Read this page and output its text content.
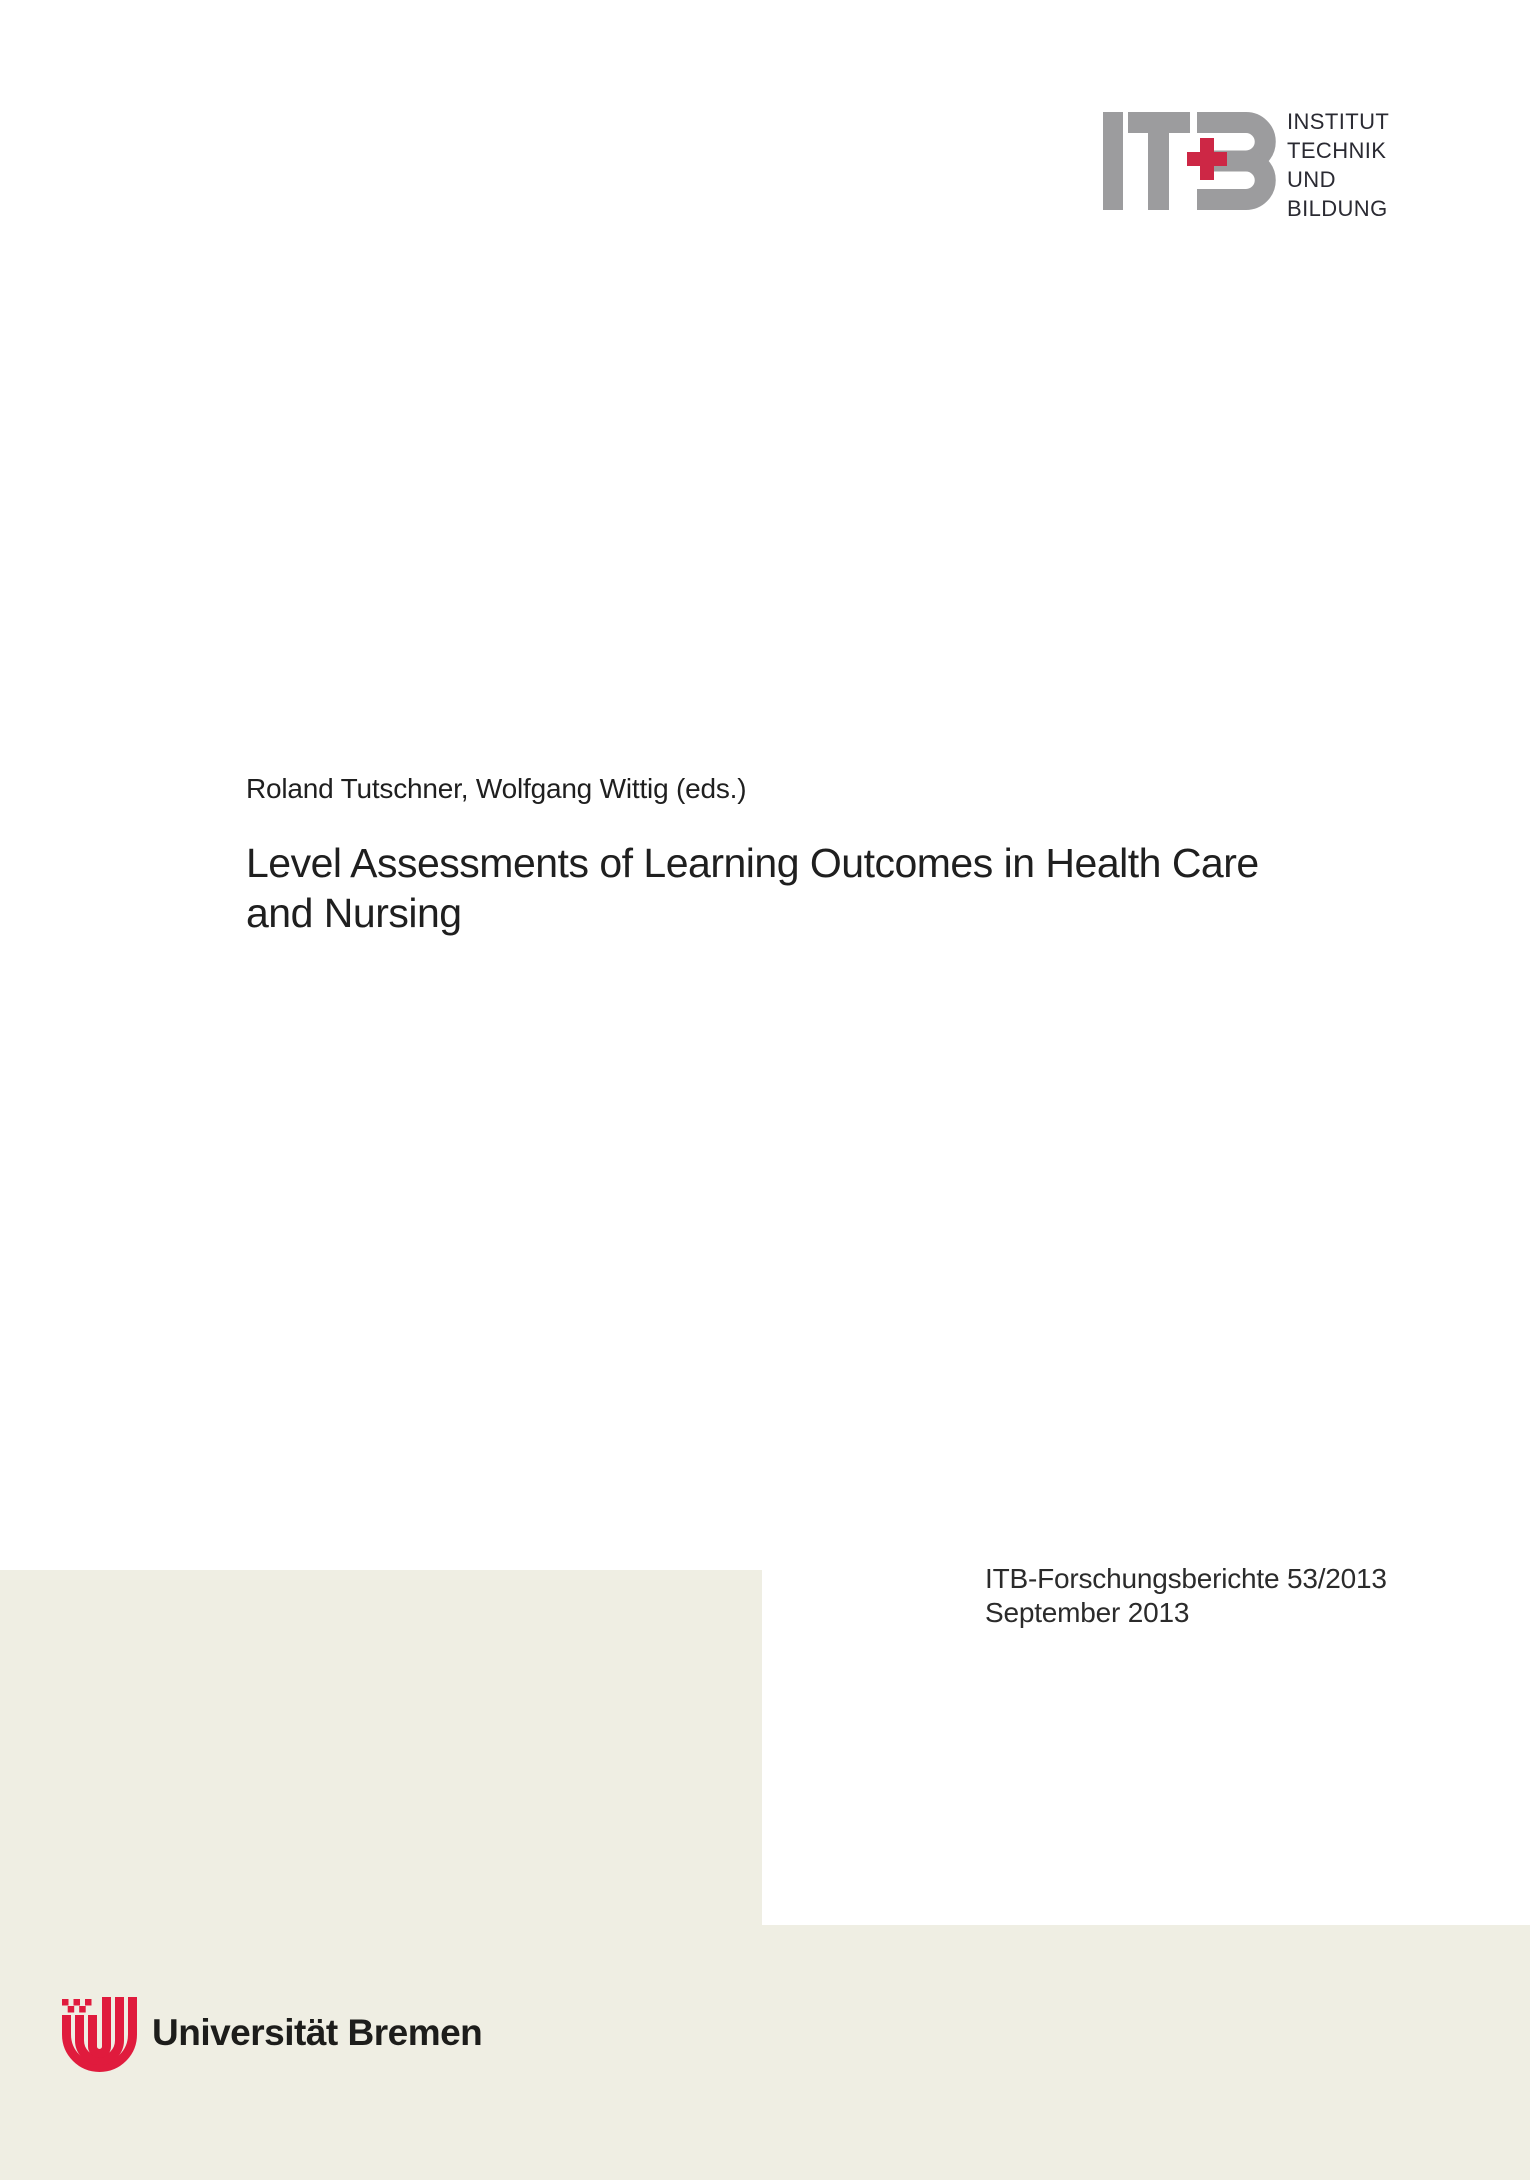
INSTITUT
TECHNIK
UND
BILDUNG
Roland Tutschner, Wolfgang Wittig (eds.)
Level Assessments of Learning Outcomes in Health Care
and Nursing
ITB-Forschungsberichte 53/2013
September 2013
Universität Bremen
